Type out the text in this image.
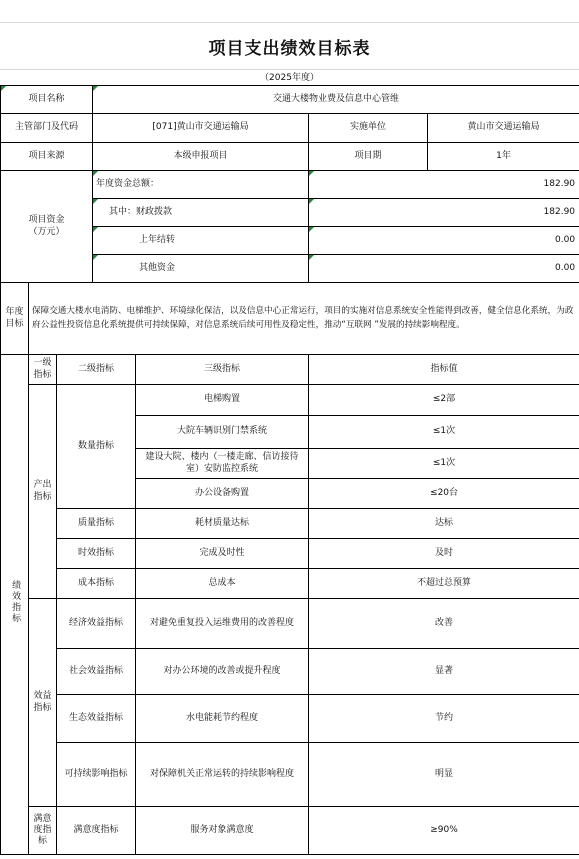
项目支出绩效目标表
（2025年度）
项目名称			交通大楼物业费及信息中心管维			
主管部门及代码			[071]黄山市交通运输局		实施单位	黄山市交通运输局
项目来源			本级申报项目		项目期	1年
项目资金
（万元）			年度资金总额：		182.90	
			其中：财政拨款		182.90	
			上年结转		0.00	
			其他资金		0.00	
年度目标	保障交通大楼水电消防、电梯维护、环境绿化保洁，以及信息中心正常运行，项目的实施对信息系统安全性能得到改善，健全信息化系统，为政府公益性投资信息化系统提供可持续保障，对信息系统后续可用性及稳定性，推动“互联网 ”发展的持续影响程度。					
绩效指标	一级指标	二级指标		三级指标	指标值	
	产出指标	数量指标		电梯购置	≤2部	
				大院车辆识别门禁系统	≤1次	
				建设大院、楼内（一楼走廊、信访接待室）安防监控系统	≤1次	
				办公设备购置	≤20台	
		质量指标		耗材质量达标	达标	
		时效指标		完成及时性	及时	
		成本指标		总成本	不超过总预算	
	效益指标	经济效益指标		对避免重复投入运维费用的改善程度	改善	
		社会效益指标		对办公环境的改善或提升程度	显著	
		生态效益指标		水电能耗节约程度	节约	
		可持续影响指标		对保障机关正常运转的持续影响程度	明显	
	满意度指标	满意度指标		服务对象满意度	≥90%	
